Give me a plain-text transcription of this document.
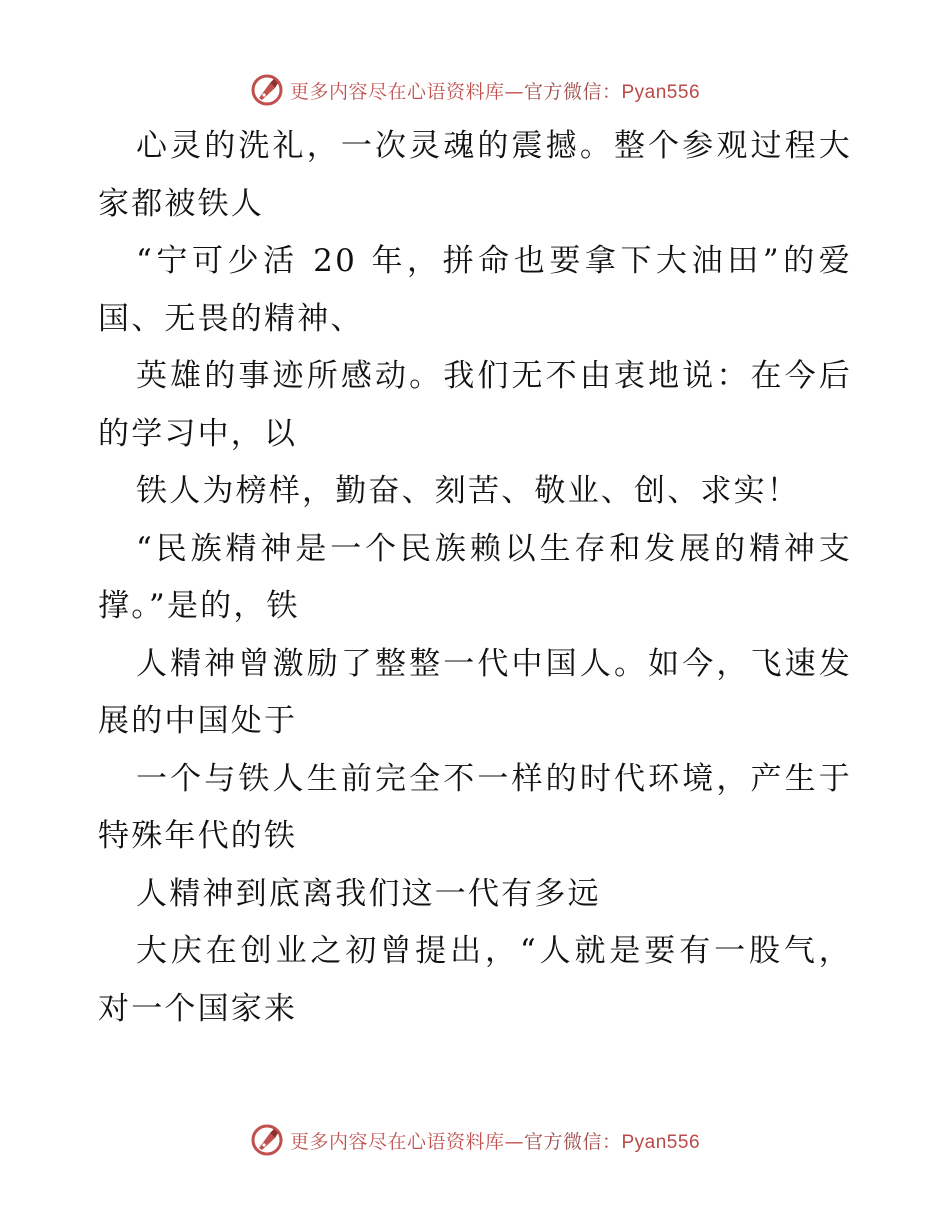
更多内容尽在心语资料库—官方微信：Pyan556
心灵的洗礼，一次灵魂的震撼。整个参观过程大
家都被铁人
“宁可少活 20 年，拼命也要拿下大油田”的爱
国、无畏的精神、
英雄的事迹所感动。我们无不由衷地说：在今后
的学习中，以
铁人为榜样，勤奋、刻苦、敬业、创、求实！
“民族精神是一个民族赖以生存和发展的精神支
撑。”是的，铁
人精神曾激励了整整一代中国人。如今，飞速发
展的中国处于
一个与铁人生前完全不一样的时代环境，产生于
特殊年代的铁
人精神到底离我们这一代有多远
大庆在创业之初曾提出，“人就是要有一股气，
对一个国家来
更多内容尽在心语资料库—官方微信：Pyan556
